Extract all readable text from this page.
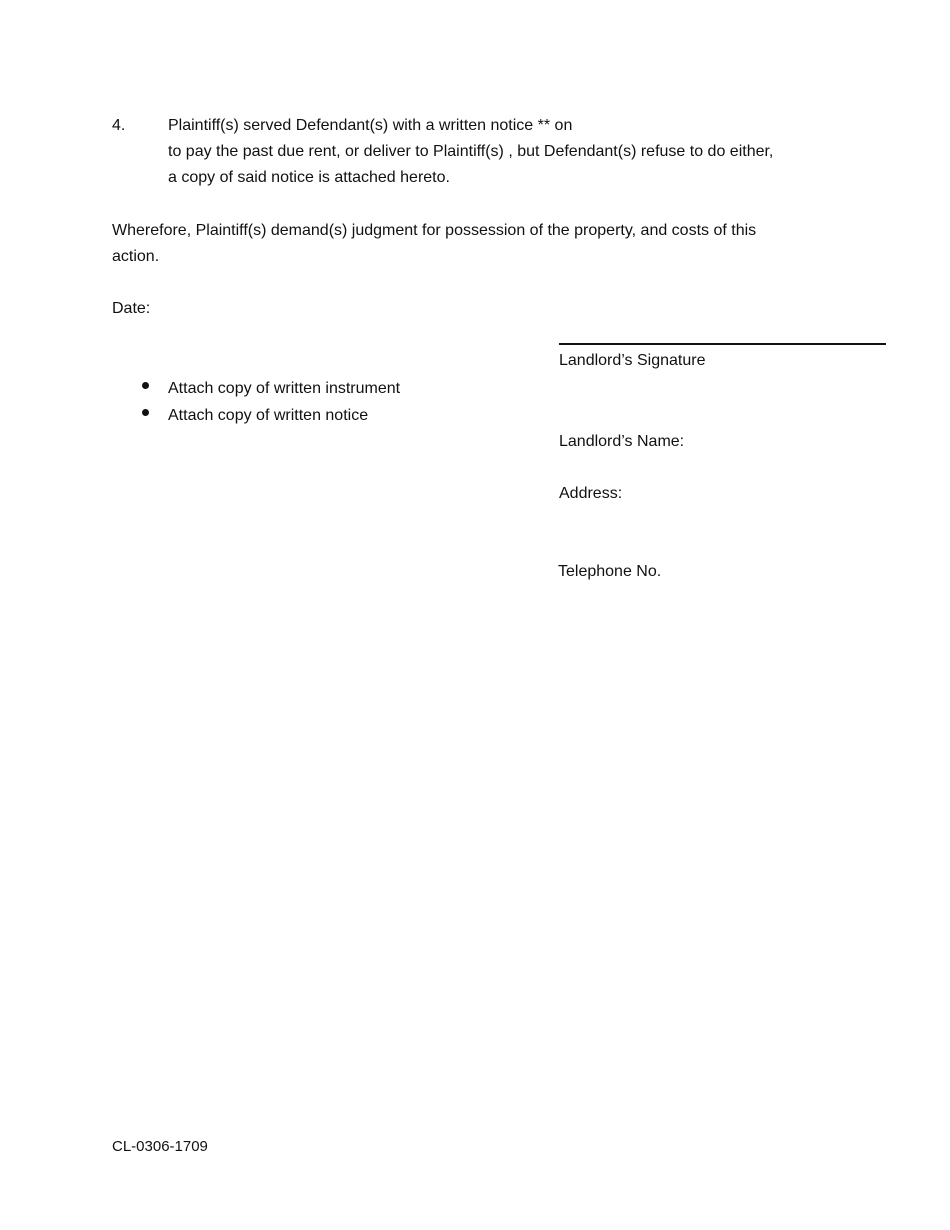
4.	Plaintiff(s) served Defendant(s) with a written notice ** on
to pay the past due rent, or deliver to Plaintiff(s) , but Defendant(s) refuse to do either,
a copy of said notice is attached hereto.
Wherefore, Plaintiff(s) demand(s) judgment for possession of the property, and costs of this
action.
Date:
Landlord’s Signature
Attach copy of written instrument
Attach copy of written notice
Landlord’s Name:
Address:
Telephone No.
CL-0306-1709
